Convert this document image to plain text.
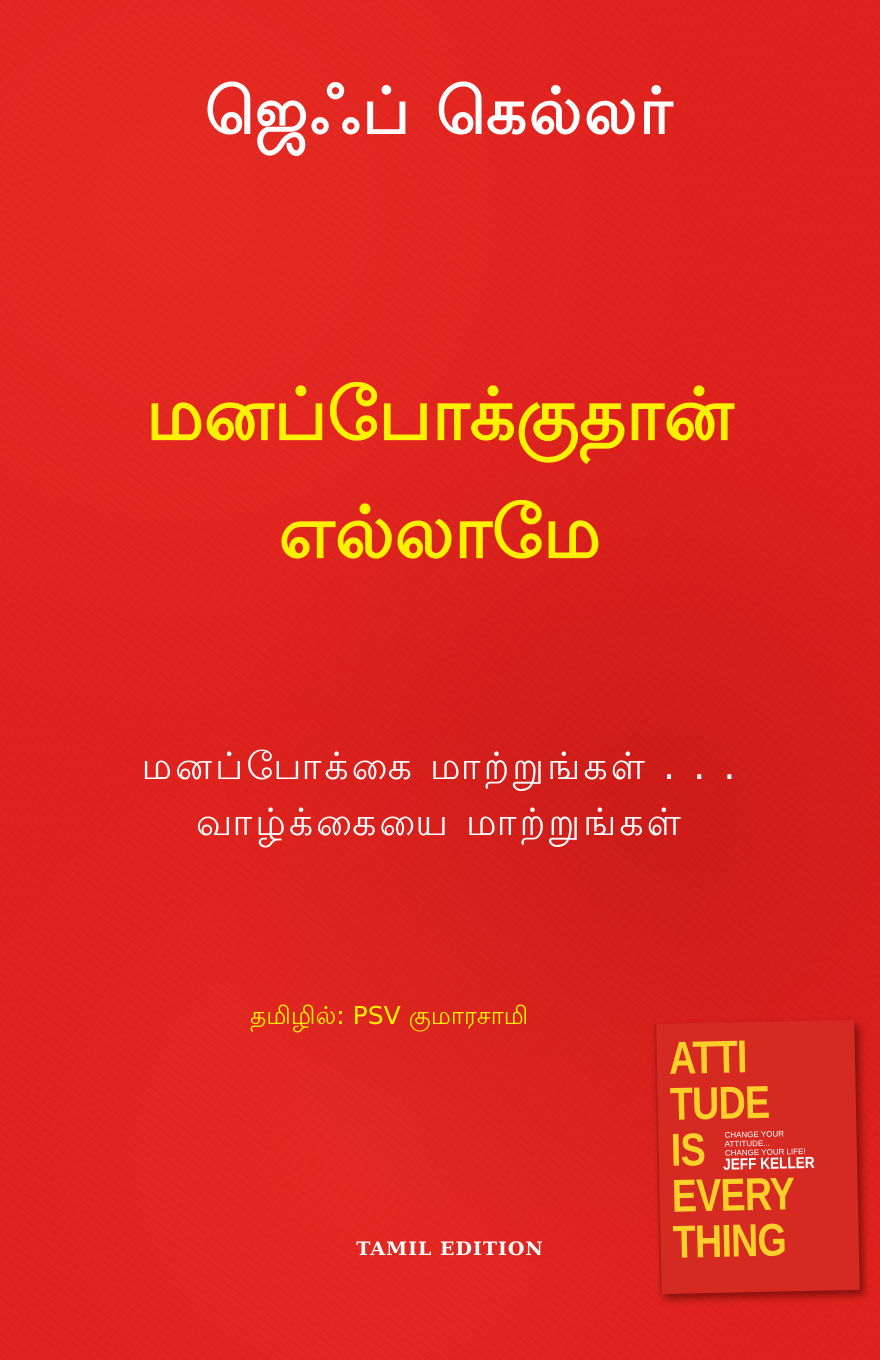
ஜெஃப் கெல்லர்
மனப்போக்குதான்
எல்லாமே
மனப்போக்கை மாற்றுங்கள் . . .
வாழ்க்கையை மாற்றுங்கள்
தமிழில்: PSV குமாரசாமி
TAMIL EDITION
ATTI
TUDE
IS
EVERY
THING
CHANGE YOUR
ATTITUDE...
CHANGE YOUR LIFE!
JEFF KELLER
